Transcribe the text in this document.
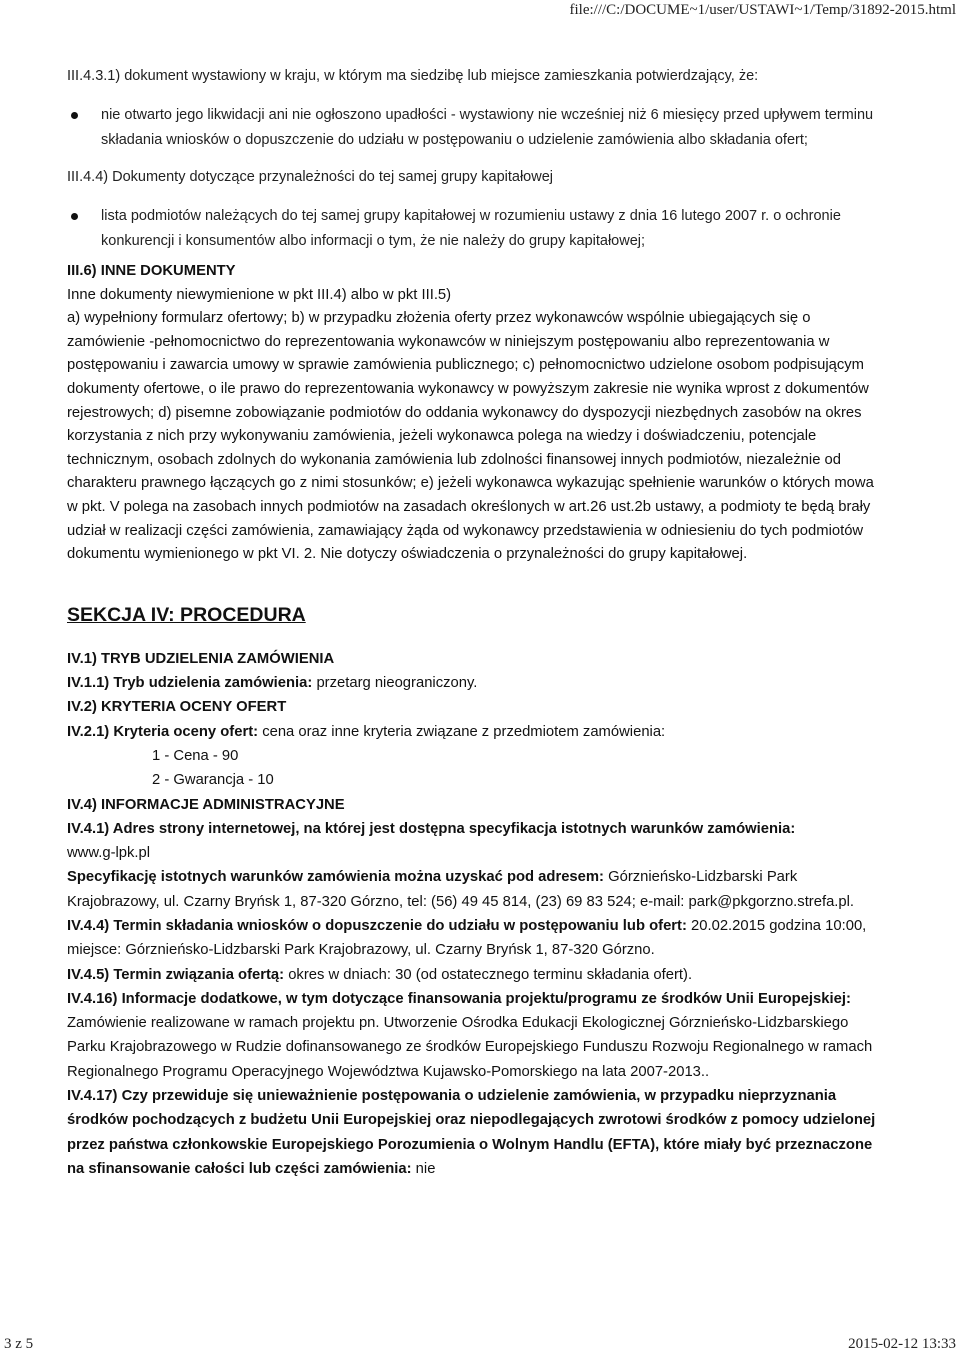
file:///C:/DOCUME~1/user/USTAWI~1/Temp/31892-2015.html

III.4.3.1) dokument wystawiony w kraju, w którym ma siedzibę lub miejsce zamieszkania potwierdzający, że:

nie otwarto jego likwidacji ani nie ogłoszono upadłości - wystawiony nie wcześniej niż 6 miesięcy przed upływem terminu składania wniosków o dopuszczenie do udziału w postępowaniu o udzielenie zamówienia albo składania ofert;

III.4.4) Dokumenty dotyczące przynależności do tej samej grupy kapitałowej

lista podmiotów należących do tej samej grupy kapitałowej w rozumieniu ustawy z dnia 16 lutego 2007 r. o ochronie konkurencji i konsumentów albo informacji o tym, że nie należy do grupy kapitałowej;

III.6) INNE DOKUMENTY

Inne dokumenty niewymienione w pkt III.4) albo w pkt III.5)

a) wypełniony formularz ofertowy; b) w przypadku złożenia oferty przez wykonawców wspólnie ubiegających się o zamówienie -pełnomocnictwo do reprezentowania wykonawców w niniejszym postępowaniu albo reprezentowania w postępowaniu i zawarcia umowy w sprawie zamówienia publicznego; c) pełnomocnictwo udzielone osobom podpisującym dokumenty ofertowe, o ile prawo do reprezentowania wykonawcy w powyższym zakresie nie wynika wprost z dokumentów rejestrowych; d) pisemne zobowiązanie podmiotów do oddania wykonawcy do dyspozycji niezbędnych zasobów na okres korzystania z nich przy wykonywaniu zamówienia, jeżeli wykonawca polega na wiedzy i doświadczeniu, potencjale technicznym, osobach zdolnych do wykonania zamówienia lub zdolności finansowej innych podmiotów, niezależnie od charakteru prawnego łączących go z nimi stosunków; e) jeżeli wykonawca wykazując spełnienie warunków o których mowa w pkt. V polega na zasobach innych podmiotów na zasadach określonych w art.26 ust.2b ustawy, a podmioty te będą brały udział w realizacji części zamówienia, zamawiający żąda od wykonawcy przedstawienia w odniesieniu do tych podmiotów dokumentu wymienionego w pkt VI. 2. Nie dotyczy oświadczenia o przynależności do grupy kapitałowej.

SEKCJA IV: PROCEDURA

IV.1) TRYB UDZIELENIA ZAMÓWIENIA

IV.1.1) Tryb udzielenia zamówienia: przetarg nieograniczony.

IV.2) KRYTERIA OCENY OFERT

IV.2.1) Kryteria oceny ofert: cena oraz inne kryteria związane z przedmiotem zamówienia:

1 - Cena - 90

2 - Gwarancja - 10

IV.4) INFORMACJE ADMINISTRACYJNE

IV.4.1) Adres strony internetowej, na której jest dostępna specyfikacja istotnych warunków zamówienia:

www.g-lpk.pl

Specyfikację istotnych warunków zamówienia można uzyskać pod adresem: Górznieńsko-Lidzbarski Park Krajobrazowy, ul. Czarny Bryńsk 1, 87-320 Górzno, tel: (56) 49 45 814, (23) 69 83 524; e-mail: park@pkgorzno.strefa.pl.

IV.4.4) Termin składania wniosków o dopuszczenie do udziału w postępowaniu lub ofert: 20.02.2015 godzina 10:00, miejsce: Górznieńsko-Lidzbarski Park Krajobrazowy, ul. Czarny Bryńsk 1, 87-320 Górzno.

IV.4.5) Termin związania ofertą: okres w dniach: 30 (od ostatecznego terminu składania ofert).

IV.4.16) Informacje dodatkowe, w tym dotyczące finansowania projektu/programu ze środków Unii Europejskiej: Zamówienie realizowane w ramach projektu pn. Utworzenie Ośrodka Edukacji Ekologicznej Górznieńsko-Lidzbarskiego Parku Krajobrazowego w Rudzie dofinansowanego ze środków Europejskiego Funduszu Rozwoju Regionalnego w ramach Regionalnego Programu Operacyjnego Województwa Kujawsko-Pomorskiego na lata 2007-2013..

IV.4.17) Czy przewiduje się unieważnienie postępowania o udzielenie zamówienia, w przypadku nieprzyznania środków pochodzących z budżetu Unii Europejskiej oraz niepodlegających zwrotowi środków z pomocy udzielonej przez państwa członkowskie Europejskiego Porozumienia o Wolnym Handlu (EFTA), które miały być przeznaczone na sfinansowanie całości lub części zamówienia: nie

3 z 5	2015-02-12 13:33
